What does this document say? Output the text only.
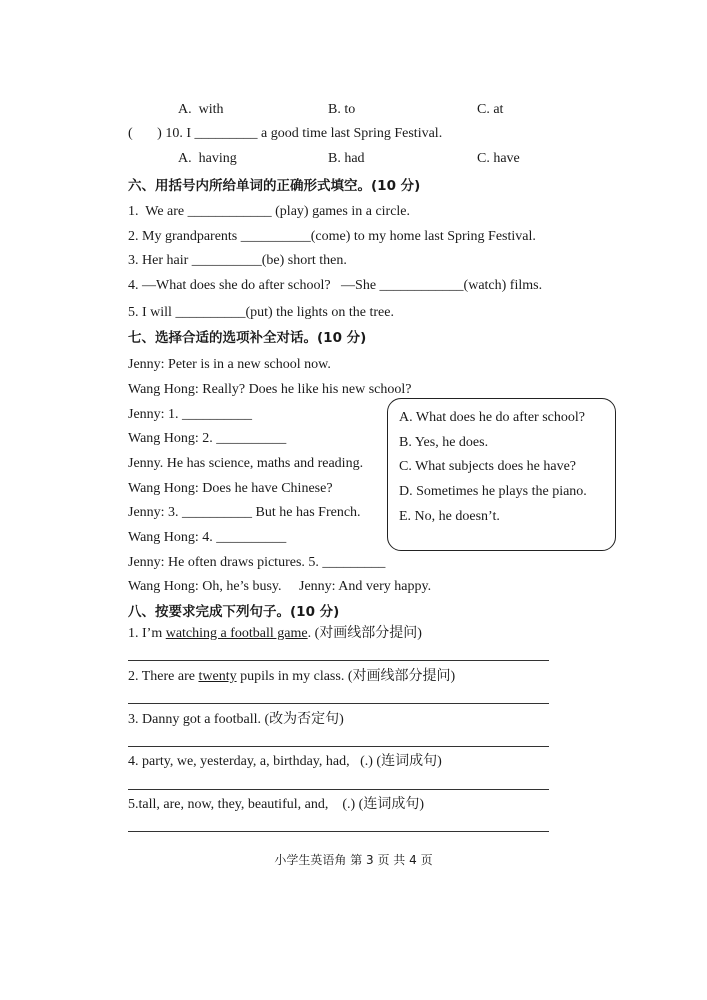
A.  with	B. to	C. at
(       ) 10. I _________ a good time last Spring Festival.
A.  having	B. had	C. have
六、用括号内所给单词的正确形式填空。(10 分)
1.  We are ____________ (play) games in a circle.
2. My grandparents __________(come) to my home last Spring Festival.
3. Her hair __________(be) short then.
4. —What does she do after school?   —She ____________(watch) films.
5. I will __________(put) the lights on the tree.
七、选择合适的选项补全对话。(10 分)
Jenny: Peter is in a new school now.
Wang Hong: Really? Does he like his new school?
Jenny: 1. __________
Wang Hong: 2. __________
Jenny. He has science, maths and reading.
Wang Hong: Does he have Chinese?
Jenny: 3. __________ But he has French.
Wang Hong: 4. __________
Jenny: He often draws pictures. 5. _________
Wang Hong: Oh, he’s busy.     Jenny: And very happy.
A. What does he do after school?
B. Yes, he does.
C. What subjects does he have?
D. Sometimes he plays the piano.
E. No, he doesn’t.
八、按要求完成下列句子。(10 分)
1. I’m watching a football game. (对画线部分提问)
2. There are twenty pupils in my class. (对画线部分提问)
3. Danny got a football. (改为否定句)
4. party, we, yesterday, a, birthday, had,   (.) (连词成句)
5.tall, are, now, they, beautiful, and,    (.) (连词成句)
小学生英语角 第 3 页 共 4 页
